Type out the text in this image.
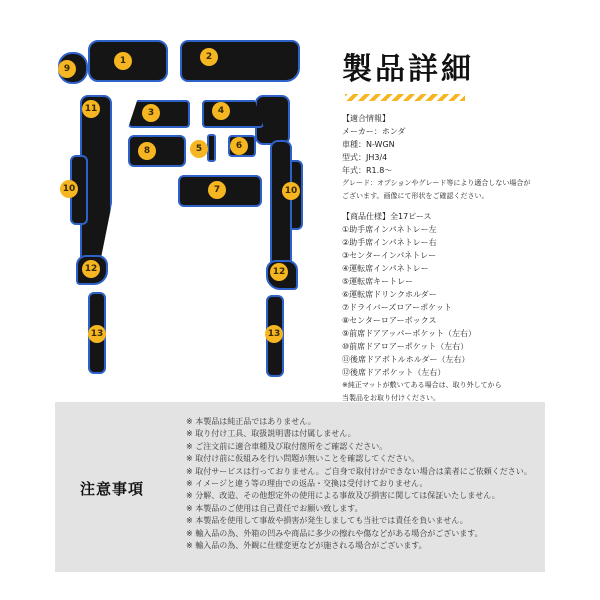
1	2
3	4
5	6
7
8
9
10	10
11
12	12
13	13
製品詳細
【適合情報】
メーカー：ホンダ
車種：N-WGN
型式：JH3/4
年式：R1.8～
グレード：オプションやグレード等により適合しない場合が
ございます。画像にて形状をご確認ください。
【商品仕様】全17ピース
①助手席インパネトレー左
②助手席インパネトレー右
③センターインパネトレー
④運転席インパネトレー
⑤運転席キートレー
⑥運転席ドリンクホルダー
⑦ドライバーズロアーポケット
⑧センターロアーボックス
⑨前席ドアアッパーポケット（左右）
⑩前席ドアロアーポケット（左右）
⑪後席ドアボトルホルダー（左右）
⑫後席ドアポケット（左右）
※純正マットが敷いてある場合は、取り外してから
当製品をお取り付けください。
注意事項
※ 本製品は純正品ではありません。
※ 取り付け工具、取扱説明書は付属しません。
※ ご注文前に適合車種及び取付箇所をご確認ください。
※ 取付け前に仮組みを行い問題が無いことを確認してください。
※ 取付サービスは行っておりません。ご自身で取付けができない場合は業者にご依頼ください。
※ イメージと違う等の理由での返品・交換は受付けておりません。
※ 分解、改造、その他想定外の使用による事故及び損害に関しては保証いたしません。
※ 本製品のご使用は自己責任でお願い致します。
※ 本製品を使用して事故や損害が発生しましても当社では責任を負いません。
※ 輸入品の為、外箱の凹みや商品に多少の擦れや傷などがある場合がございます。
※ 輸入品の為、外観に仕様変更などが施される場合がございます。
